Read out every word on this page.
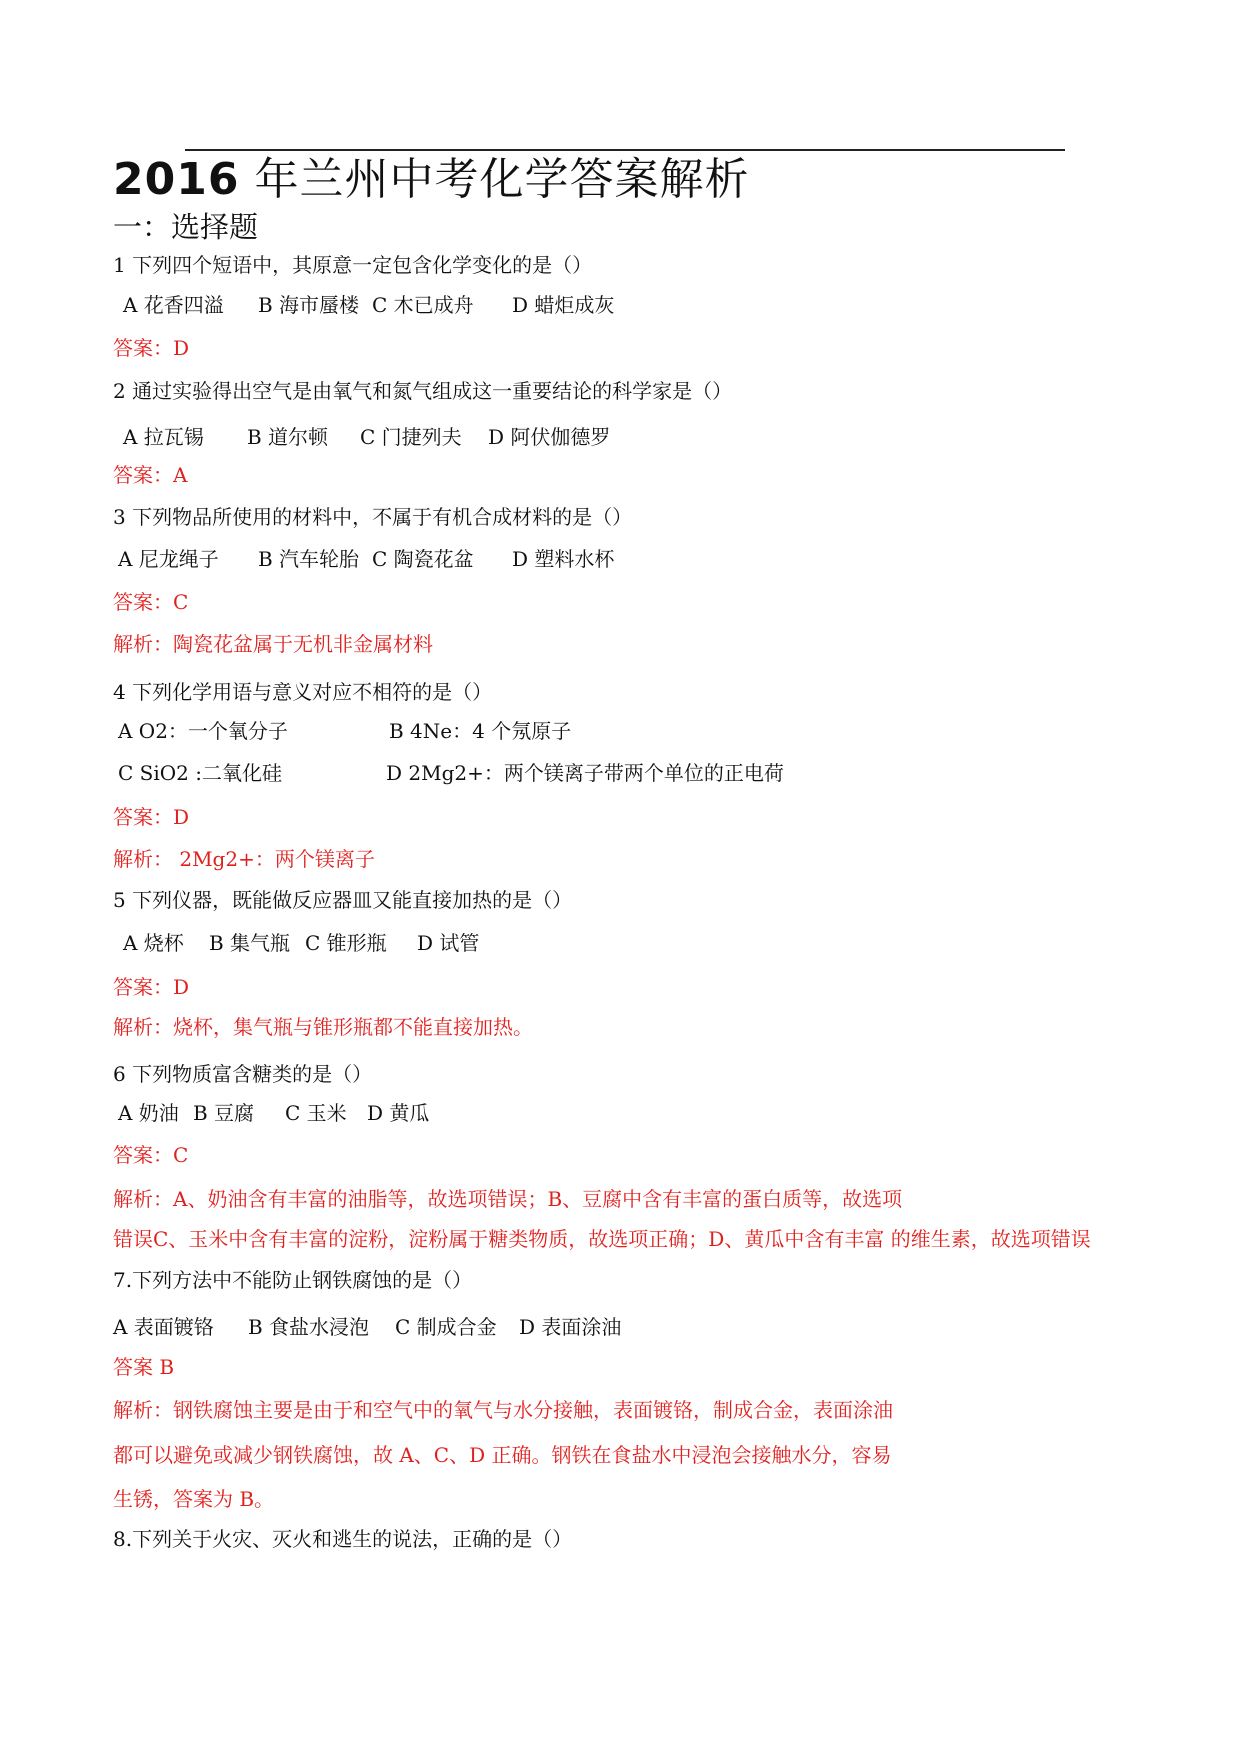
2016 年兰州中考化学答案解析
一：选择题
1 下列四个短语中，其原意一定包含化学变化的是（）
A 花香四溢 B 海市蜃楼 C 木已成舟 D 蜡炬成灰
答案：D
2 通过实验得出空气是由氧气和氮气组成这一重要结论的科学家是（）
A 拉瓦锡 B 道尔顿 C 门捷列夫 D 阿伏伽德罗
答案：A
3 下列物品所使用的材料中，不属于有机合成材料的是（）
A 尼龙绳子 B 汽车轮胎 C 陶瓷花盆 D 塑料水杯
答案：C
解析：陶瓷花盆属于无机非金属材料
4 下列化学用语与意义对应不相符的是（）
A O2：一个氧分子	B 4Ne：4 个氖原子
C SiO2 :二氧化硅	D 2Mg2+：两个镁离子带两个单位的正电荷
答案：D
解析： 2Mg2+：两个镁离子
5 下列仪器，既能做反应器皿又能直接加热的是（）
A 烧杯 B 集气瓶 C 锥形瓶 D 试管
答案：D
解析：烧杯，集气瓶与锥形瓶都不能直接加热。
6 下列物质富含糖类的是（）
A 奶油 B 豆腐 C 玉米 D 黄瓜
答案：C
解析：A、奶油含有丰富的油脂等，故选项错误；B、豆腐中含有丰富的蛋白质等，故选项
错误C、玉米中含有丰富的淀粉，淀粉属于糖类物质，故选项正确；D、黄瓜中含有丰富 的维生素，故选项错误
7.下列方法中不能防止钢铁腐蚀的是（）
A 表面镀铬 B 食盐水浸泡 C 制成合金 D 表面涂油
答案 B
解析：钢铁腐蚀主要是由于和空气中的氧气与水分接触，表面镀铬，制成合金，表面涂油
都可以避免或减少钢铁腐蚀，故 A、C、D 正确。钢铁在食盐水中浸泡会接触水分，容易
生锈，答案为 B。
8.下列关于火灾、灭火和逃生的说法，正确的是（）
